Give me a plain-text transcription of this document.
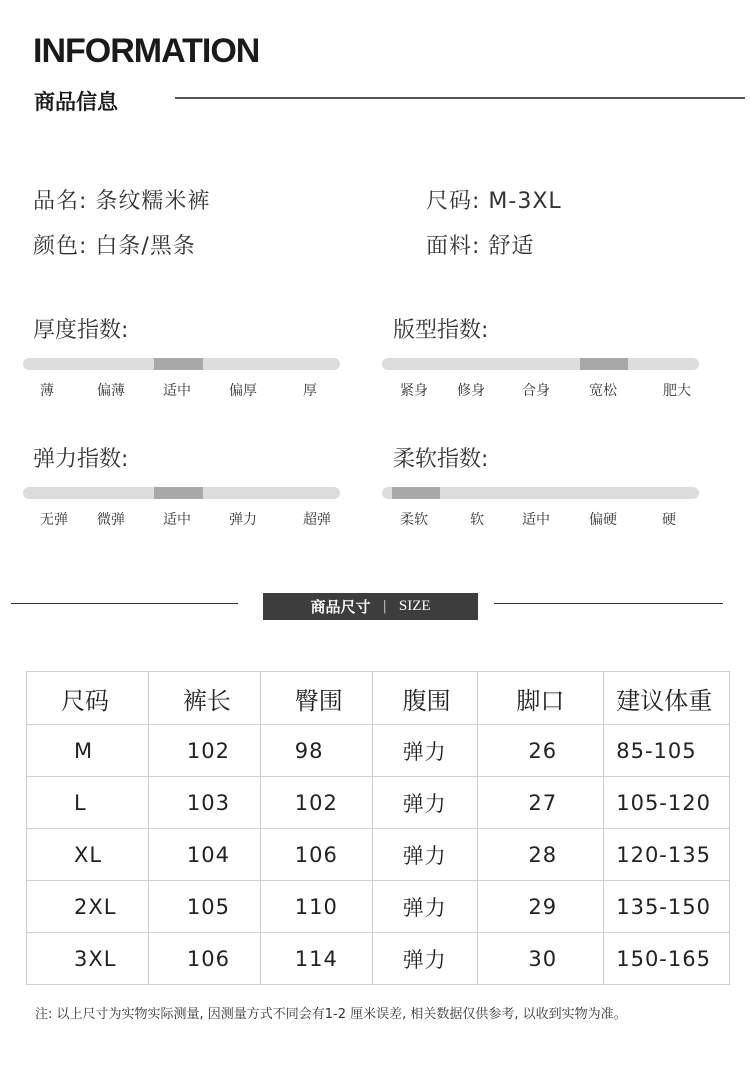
INFORMATION
商品信息
品名: 条纹糯米裤	尺码: M-3XL
颜色: 白条/黑条	面料: 舒适
厚度指数:
薄	偏薄	适中	偏厚	厚
版型指数:
紧身 修身	合身	宽松	肥大
弹力指数:
无弹 微弹	适中	弹力	超弹
柔软指数:
柔软	软	适中	偏硬	硬
商品尺寸 | SIZE
尺码	裤长	臀围	腹围	脚口	建议体重
M	102	98	弹力	26	85-105
L	103	102	弹力	27	105-120
XL	104	106	弹力	28	120-135
2XL	105	110	弹力	29	135-150
3XL	106	114	弹力	30	150-165
注: 以上尺寸为实物实际测量, 因测量方式不同会有1-2 厘米误差, 相关数据仅供参考, 以收到实物为准。
